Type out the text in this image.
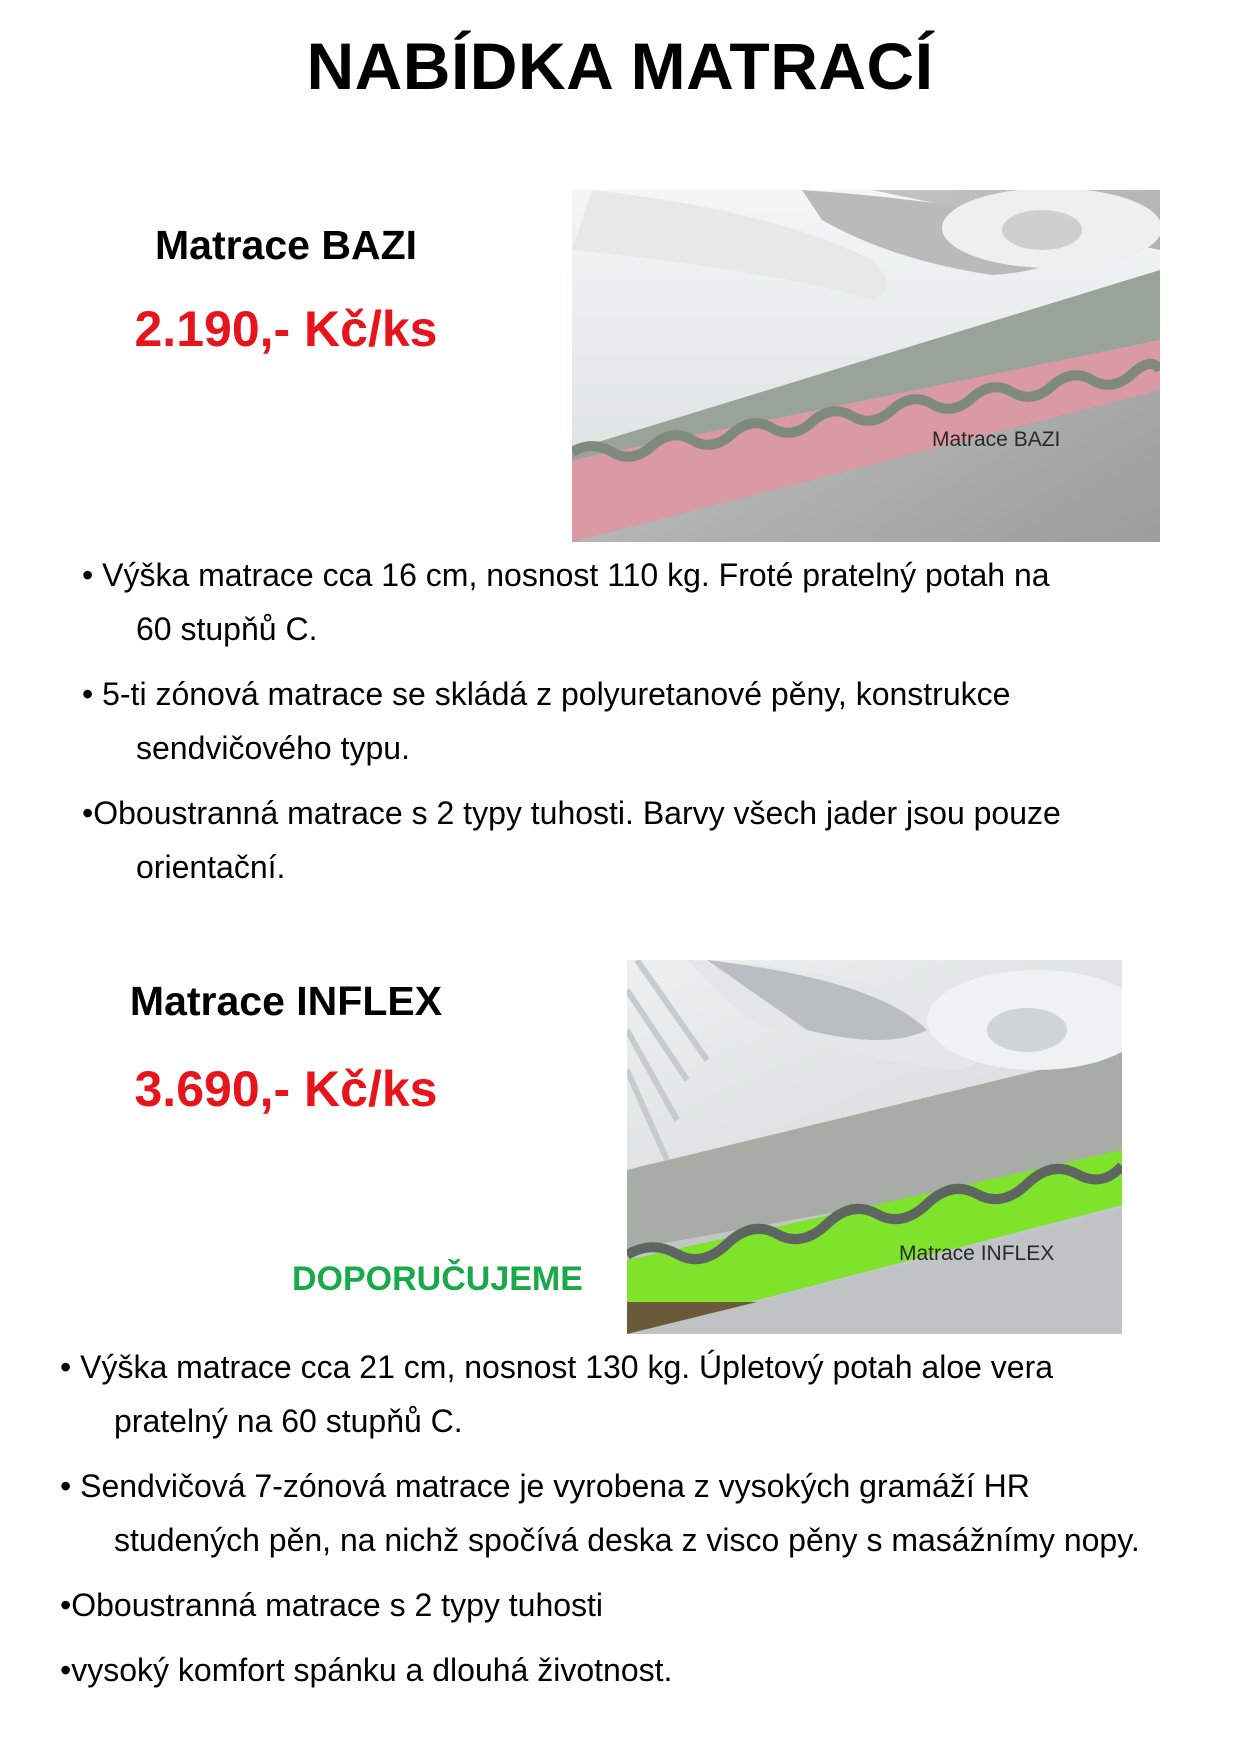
NABÍDKA MATRACÍ
Matrace BAZI
2.190,- Kč/ks
Matrace BAZI
• Výška matrace cca 16 cm, nosnost 110 kg. Froté pratelný potah na
60 stupňů C.
• 5-ti zónová matrace se skládá z polyuretanové pěny, konstrukce
sendvičového typu.
•Oboustranná matrace s 2 typy tuhosti. Barvy všech jader jsou pouze
orientační.
Matrace INFLEX
3.690,- Kč/ks
DOPORUČUJEME
Matrace INFLEX
• Výška matrace cca 21 cm, nosnost 130 kg. Úpletový potah aloe vera
pratelný na 60 stupňů C.
• Sendvičová 7-zónová matrace je vyrobena z vysokých gramáží HR
studených pěn, na nichž spočívá deska z visco pěny s masážnímy nopy.
•Oboustranná matrace s 2 typy tuhosti
•vysoký komfort spánku a dlouhá životnost.
